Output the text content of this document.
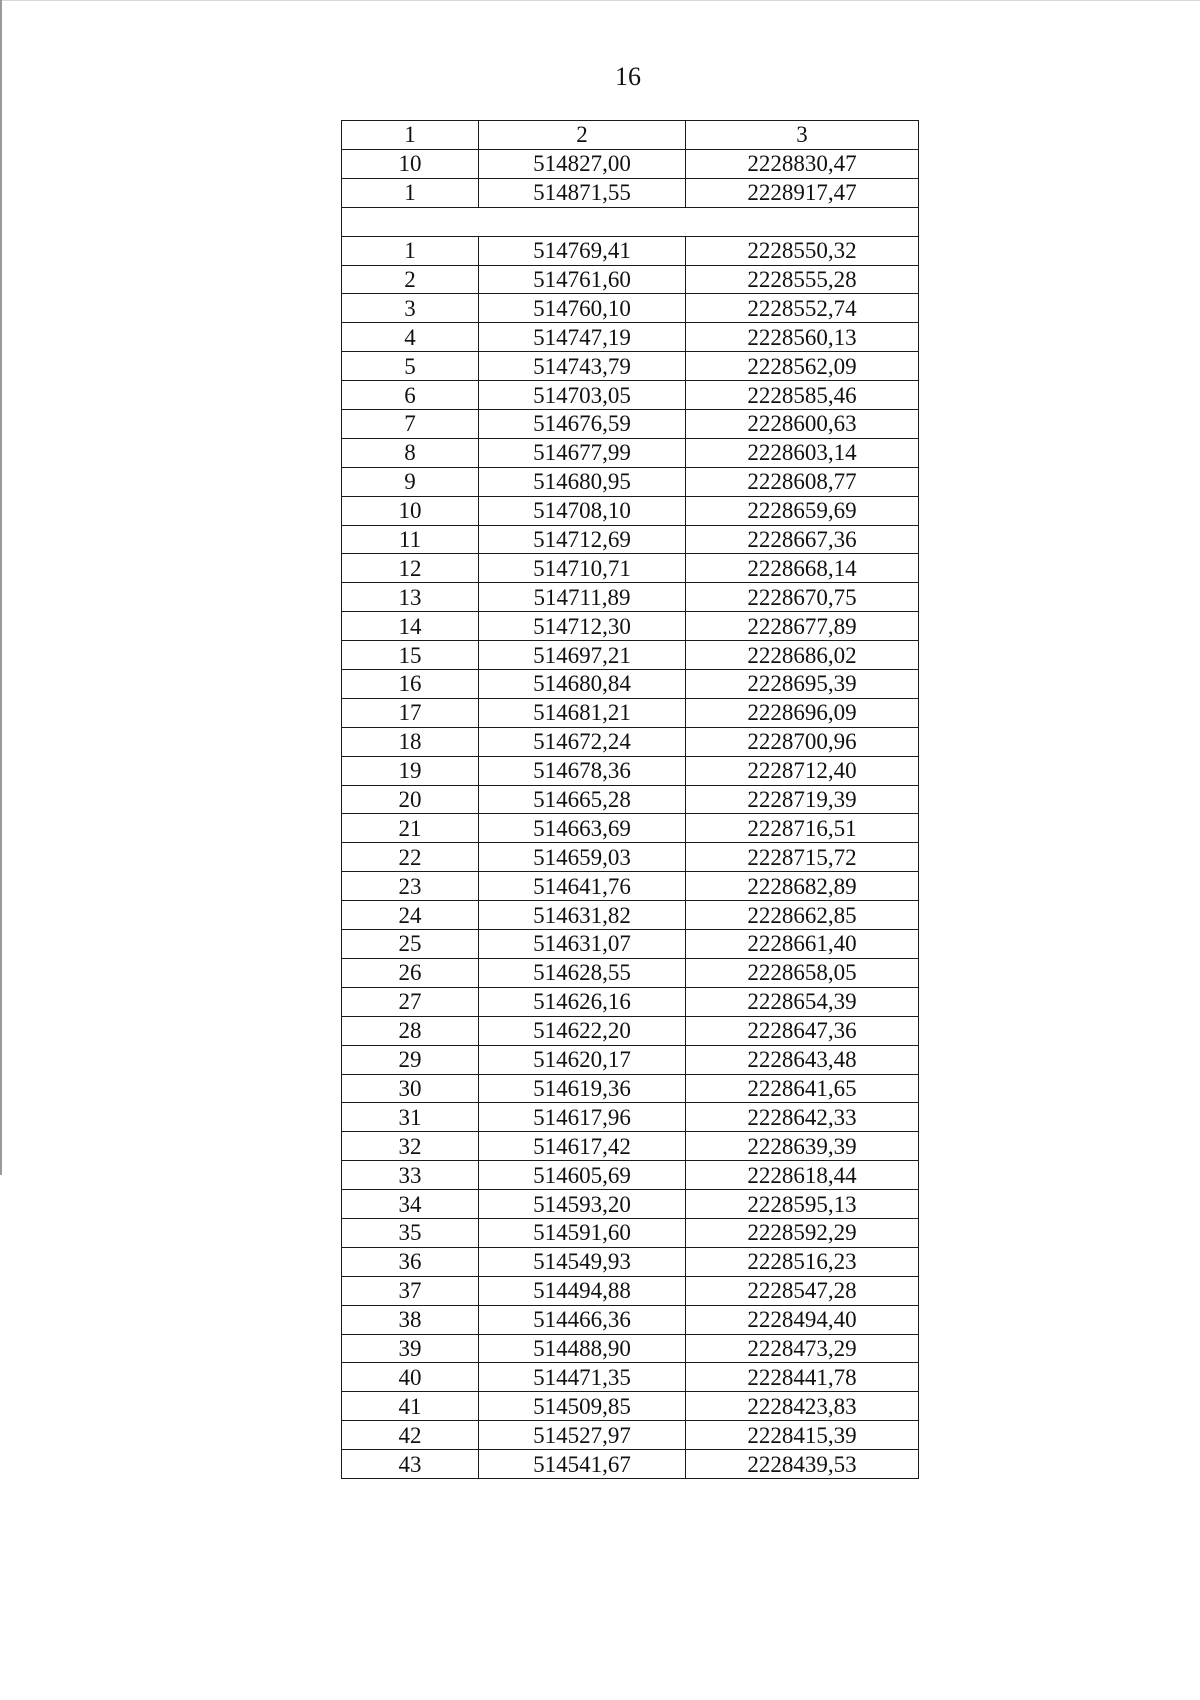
16
1	2	3
10	514827,00	2228830,47
1	514871,55	2228917,47

1	514769,41	2228550,32
2	514761,60	2228555,28
3	514760,10	2228552,74
4	514747,19	2228560,13
5	514743,79	2228562,09
6	514703,05	2228585,46
7	514676,59	2228600,63
8	514677,99	2228603,14
9	514680,95	2228608,77
10	514708,10	2228659,69
11	514712,69	2228667,36
12	514710,71	2228668,14
13	514711,89	2228670,75
14	514712,30	2228677,89
15	514697,21	2228686,02
16	514680,84	2228695,39
17	514681,21	2228696,09
18	514672,24	2228700,96
19	514678,36	2228712,40
20	514665,28	2228719,39
21	514663,69	2228716,51
22	514659,03	2228715,72
23	514641,76	2228682,89
24	514631,82	2228662,85
25	514631,07	2228661,40
26	514628,55	2228658,05
27	514626,16	2228654,39
28	514622,20	2228647,36
29	514620,17	2228643,48
30	514619,36	2228641,65
31	514617,96	2228642,33
32	514617,42	2228639,39
33	514605,69	2228618,44
34	514593,20	2228595,13
35	514591,60	2228592,29
36	514549,93	2228516,23
37	514494,88	2228547,28
38	514466,36	2228494,40
39	514488,90	2228473,29
40	514471,35	2228441,78
41	514509,85	2228423,83
42	514527,97	2228415,39
43	514541,67	2228439,53
